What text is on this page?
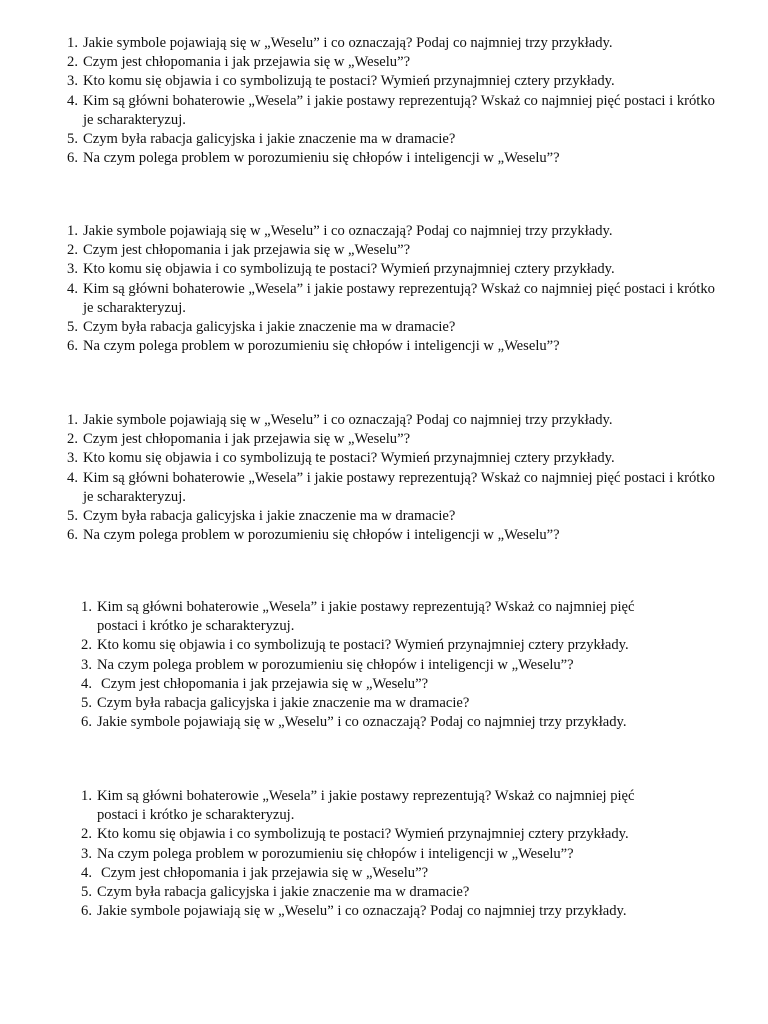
1. Jakie symbole pojawiają się w „Weselu” i co oznaczają? Podaj co najmniej trzy przykłady.
2. Czym jest chłopomania i jak przejawia się w „Weselu”?
3. Kto komu się objawia i co symbolizują te postaci? Wymień przynajmniej cztery przykłady.
4. Kim są główni bohaterowie „Wesela” i jakie postawy reprezentują? Wskaż co najmniej pięć postaci i krótko je scharakteryzuj.
5. Czym była rabacja galicyjska i jakie znaczenie ma w dramacie?
6. Na czym polega problem w porozumieniu się chłopów i inteligencji w „Weselu”?
1. Jakie symbole pojawiają się w „Weselu” i co oznaczają? Podaj co najmniej trzy przykłady.
2. Czym jest chłopomania i jak przejawia się w „Weselu”?
3. Kto komu się objawia i co symbolizują te postaci? Wymień przynajmniej cztery przykłady.
4. Kim są główni bohaterowie „Wesela” i jakie postawy reprezentują? Wskaż co najmniej pięć postaci i krótko je scharakteryzuj.
5. Czym była rabacja galicyjska i jakie znaczenie ma w dramacie?
6. Na czym polega problem w porozumieniu się chłopów i inteligencji w „Weselu”?
1. Jakie symbole pojawiają się w „Weselu” i co oznaczają? Podaj co najmniej trzy przykłady.
2. Czym jest chłopomania i jak przejawia się w „Weselu”?
3. Kto komu się objawia i co symbolizują te postaci? Wymień przynajmniej cztery przykłady.
4. Kim są główni bohaterowie „Wesela” i jakie postawy reprezentują? Wskaż co najmniej pięć postaci i krótko je scharakteryzuj.
5. Czym była rabacja galicyjska i jakie znaczenie ma w dramacie?
6. Na czym polega problem w porozumieniu się chłopów i inteligencji w „Weselu”?
1. Kim są główni bohaterowie „Wesela” i jakie postawy reprezentują? Wskaż co najmniej pięć postaci i krótko je scharakteryzuj.
2. Kto komu się objawia i co symbolizują te postaci? Wymień przynajmniej cztery przykłady.
3. Na czym polega problem w porozumieniu się chłopów i inteligencji w „Weselu”?
4. Czym jest chłopomania i jak przejawia się w „Weselu”?
5. Czym była rabacja galicyjska i jakie znaczenie ma w dramacie?
6. Jakie symbole pojawiają się w „Weselu” i co oznaczają? Podaj co najmniej trzy przykłady.
1. Kim są główni bohaterowie „Wesela” i jakie postawy reprezentują? Wskaż co najmniej pięć postaci i krótko je scharakteryzuj.
2. Kto komu się objawia i co symbolizują te postaci? Wymień przynajmniej cztery przykłady.
3. Na czym polega problem w porozumieniu się chłopów i inteligencji w „Weselu”?
4. Czym jest chłopomania i jak przejawia się w „Weselu”?
5. Czym była rabacja galicyjska i jakie znaczenie ma w dramacie?
6. Jakie symbole pojawiają się w „Weselu” i co oznaczają? Podaj co najmniej trzy przykłady.
